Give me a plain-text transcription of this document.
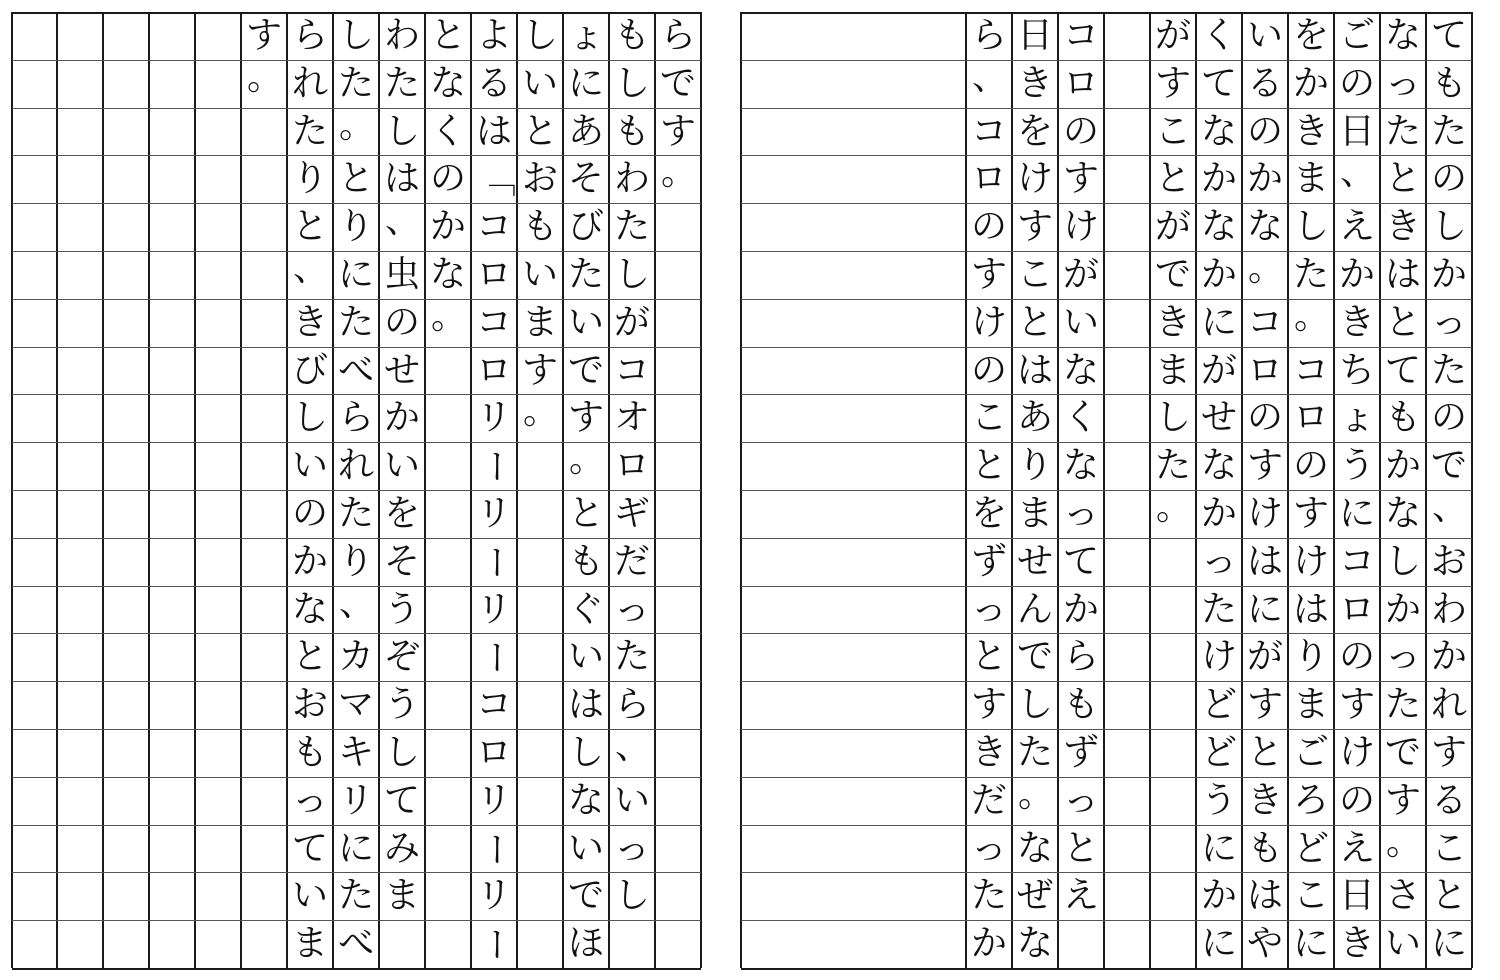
て
も
た
の
し
か
っ
た
の
で
、
お
わ
か
れ
す
る
こ
と
に
な
っ
た
と
き
は
と
て
も
か
な
し
か
っ
た
で
す
。
さ
い
ご
の
日
、
え
か
き
ち
ょ
う
に
コ
ロ
の
す
け
の
え
日
き
を
か
き
ま
し
た
。
コ
ロ
の
す
け
は
り
ま
ご
ろ
ど
こ
に
い
る
の
か
な
。
コ
ロ
の
す
け
は
に
が
す
と
き
も
は
や
く
て
な
か
な
か
に
が
せ
な
か
っ
た
け
ど
ど
う
に
か
に
が
す
こ
と
が
で
き
ま
し
た
。
コ
ロ
の
す
け
が
い
な
く
な
っ
て
か
ら
も
ず
っ
と
え
日
き
を
け
す
こ
と
は
あ
り
ま
せ
ん
で
し
た
。
な
ぜ
な
ら
、
コ
ロ
の
す
け
の
こ
と
を
ず
っ
と
す
き
だ
っ
た
か
ら
で
す
。
も
し
も
わ
た
し
が
コ
オ
ロ
ギ
だ
っ
た
ら
、
い
っ
し
ょ
に
あ
そ
び
た
い
で
す
。
と
も
ぐ
い
は
し
な
い
で
ほ
し
い
と
お
も
い
ま
す
。
よ
る
は
「
コ
ロ
コ
ロ
リ
ー
リ
ー
リ
ー
コ
ロ
リ
ー
リ
ー
と
な
く
の
か
な
。
わ
た
し
は
、
虫
の
せ
か
い
を
そ
う
ぞ
う
し
て
み
ま
し
た
。
と
り
に
た
べ
ら
れ
た
り
、
カ
マ
キ
リ
に
た
べ
ら
れ
た
り
と
、
き
び
し
い
の
か
な
と
お
も
っ
て
い
ま
す
。
